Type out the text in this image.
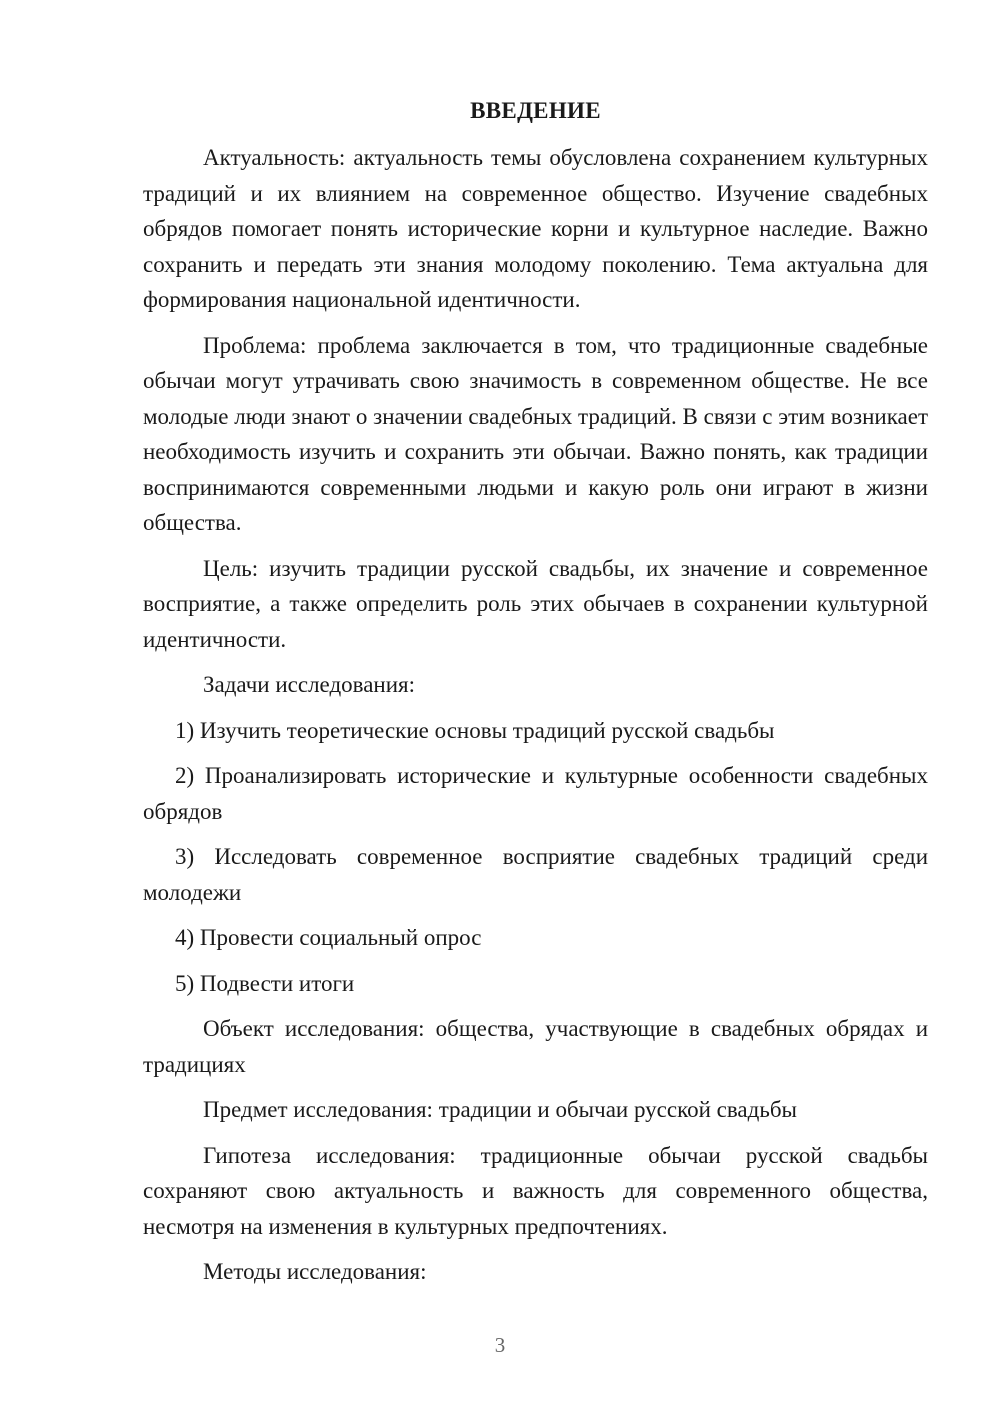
ВВЕДЕНИЕ

Актуальность: актуальность темы обусловлена сохранением культурных традиций и их влиянием на современное общество. Изучение свадебных обрядов помогает понять исторические корни и культурное наследие. Важно сохранить и передать эти знания молодому поколению. Тема актуальна для формирования национальной идентичности.

Проблема: проблема заключается в том, что традиционные свадебные обычаи могут утрачивать свою значимость в современном обществе. Не все молодые люди знают о значении свадебных традиций. В связи с этим возникает необходимость изучить и сохранить эти обычаи. Важно понять, как традиции воспринимаются современными людьми и какую роль они играют в жизни общества.

Цель: изучить традиции русской свадьбы, их значение и современное восприятие, а также определить роль этих обычаев в сохранении культурной идентичности.

Задачи исследования:

1) Изучить теоретические основы традиций русской свадьбы

2) Проанализировать исторические и культурные особенности свадебных обрядов

3) Исследовать современное восприятие свадебных традиций среди молодежи

4) Провести социальный опрос

5) Подвести итоги

Объект исследования: общества, участвующие в свадебных обрядах и традициях

Предмет исследования: традиции и обычаи русской свадьбы

Гипотеза исследования: традиционные обычаи русской свадьбы сохраняют свою актуальность и важность для современного общества, несмотря на изменения в культурных предпочтениях.

Методы исследования:

3
